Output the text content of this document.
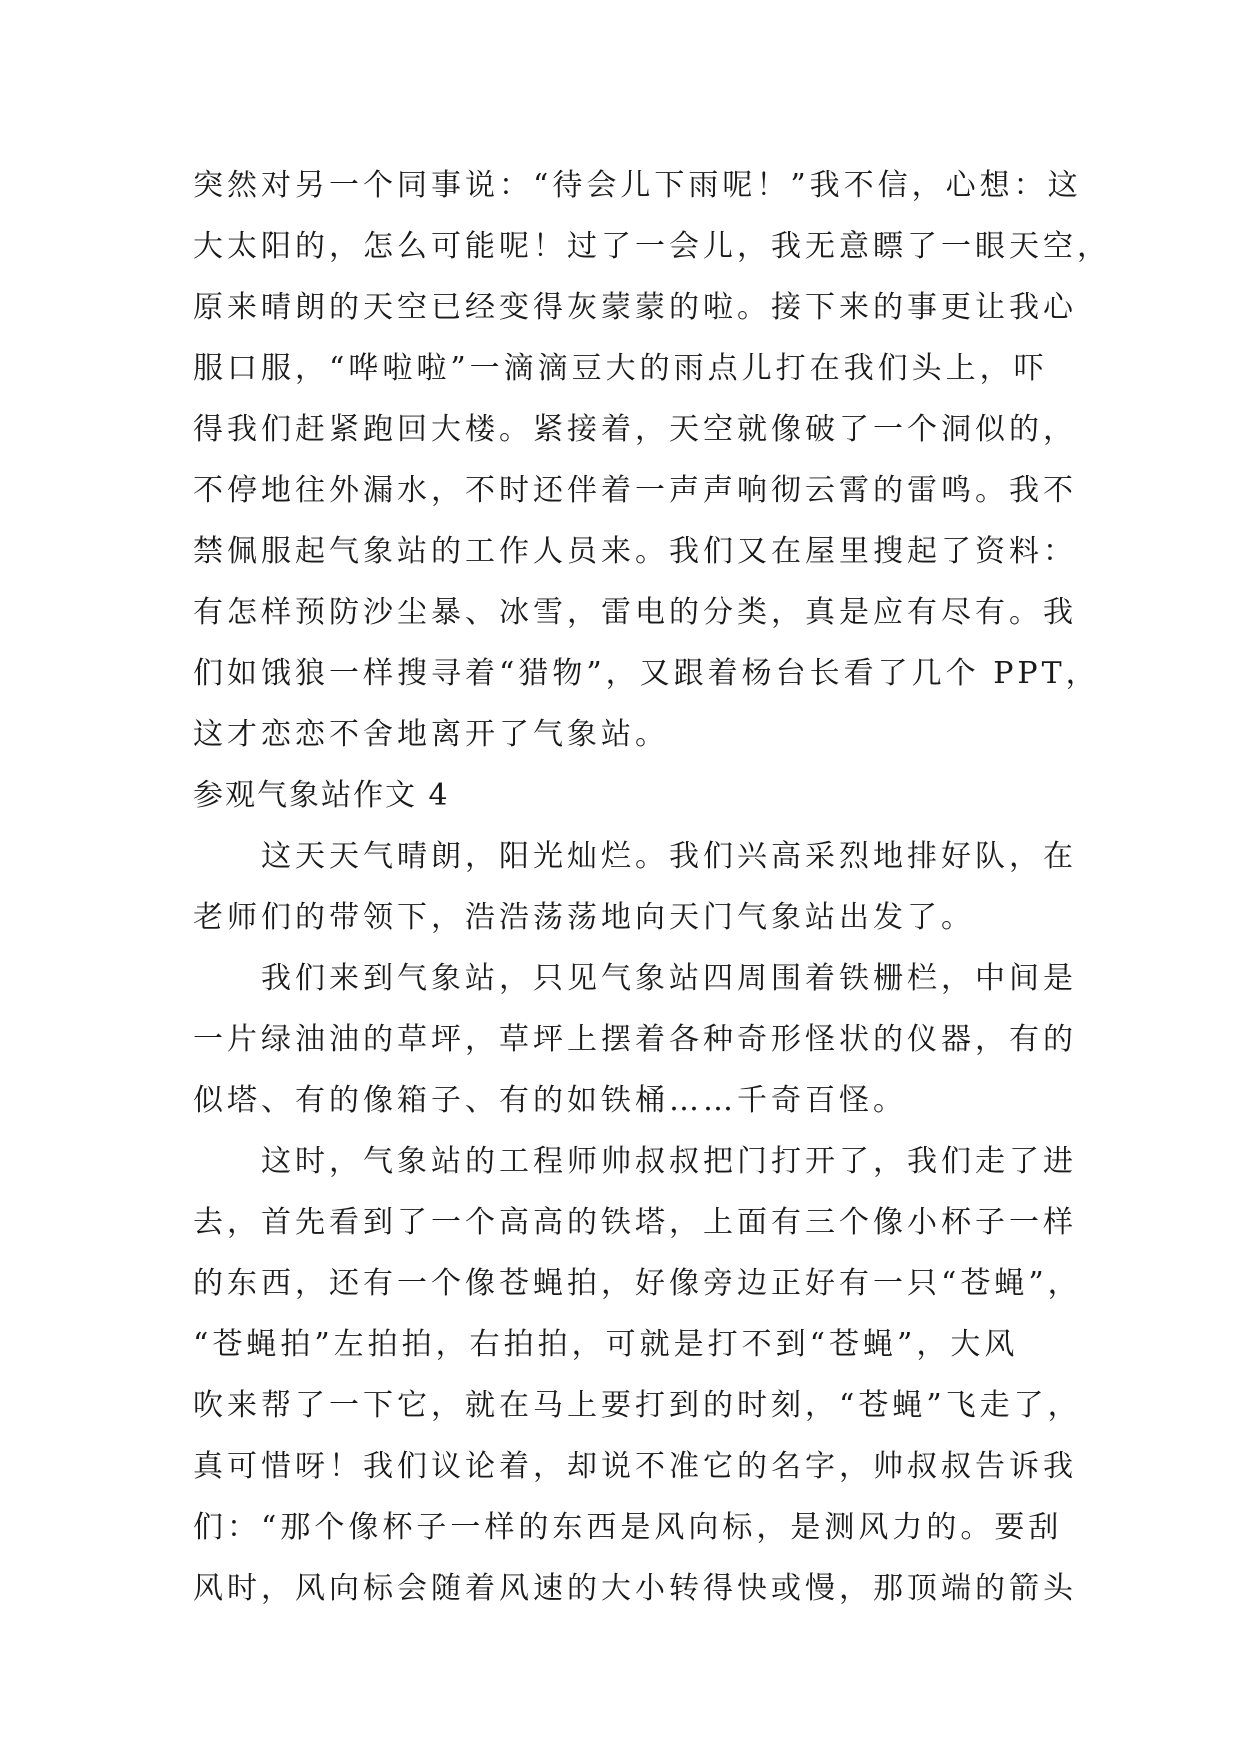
突然对另一个同事说：“待会儿下雨呢！”我不信，心想：这
大太阳的，怎么可能呢！过了一会儿，我无意瞟了一眼天空，
原来晴朗的天空已经变得灰蒙蒙的啦。接下来的事更让我心
服口服，“哗啦啦”一滴滴豆大的雨点儿打在我们头上，吓
得我们赶紧跑回大楼。紧接着，天空就像破了一个洞似的，
不停地往外漏水，不时还伴着一声声响彻云霄的雷鸣。我不
禁佩服起气象站的工作人员来。我们又在屋里搜起了资料：
有怎样预防沙尘暴、冰雪，雷电的分类，真是应有尽有。我
们如饿狼一样搜寻着“猎物”，又跟着杨台长看了几个 PPT，
这才恋恋不舍地离开了气象站。
参观气象站作文 4
　　这天天气晴朗，阳光灿烂。我们兴高采烈地排好队，在
老师们的带领下，浩浩荡荡地向天门气象站出发了。
　　我们来到气象站，只见气象站四周围着铁栅栏，中间是
一片绿油油的草坪，草坪上摆着各种奇形怪状的仪器，有的
似塔、有的像箱子、有的如铁桶……千奇百怪。
　　这时，气象站的工程师帅叔叔把门打开了，我们走了进
去，首先看到了一个高高的铁塔，上面有三个像小杯子一样
的东西，还有一个像苍蝇拍，好像旁边正好有一只“苍蝇”，
“苍蝇拍”左拍拍，右拍拍，可就是打不到“苍蝇”，大风
吹来帮了一下它，就在马上要打到的时刻，“苍蝇”飞走了，
真可惜呀！我们议论着，却说不准它的名字，帅叔叔告诉我
们：“那个像杯子一样的东西是风向标，是测风力的。要刮
风时，风向标会随着风速的大小转得快或慢，那顶端的箭头
